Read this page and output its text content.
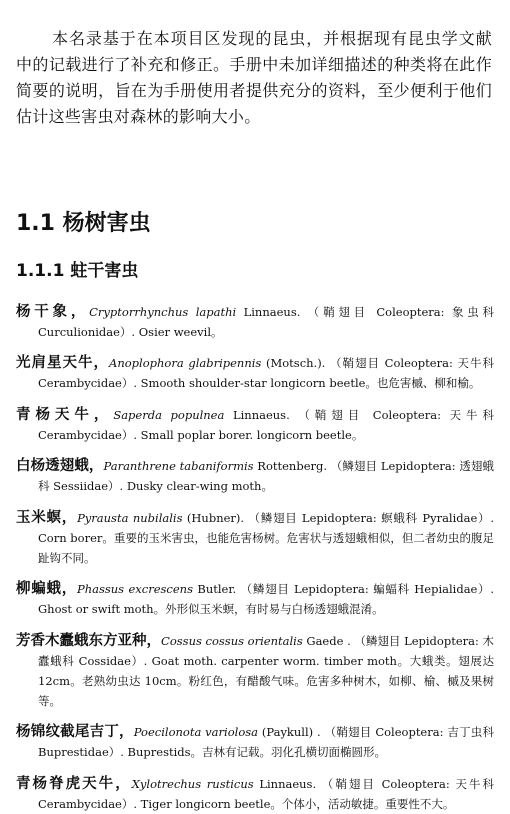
本名录基于在本项目区发现的昆虫，并根据现有昆虫学文献中的记载进行了补充和修正。手册中未加详细描述的种类将在此作简要的说明，旨在为手册使用者提供充分的资料，至少便利于他们估计这些害虫对森林的影响大小。

1.1 杨树害虫
1.1.1 蛀干害虫

杨干象，Cryptorrhynchus lapathi Linnaeus. （鞘翅目 Coleoptera: 象虫科 Curculionidae）. Osier weevil。

光肩星天牛，Anoplophora glabripennis (Motsch.). （鞘翅目 Coleoptera: 天牛科 Cerambycidae）. Smooth shoulder-star longicorn beetle。也危害槭、柳和榆。

青杨天牛，Saperda populnea Linnaeus. （鞘翅目 Coleoptera: 天牛科 Cerambycidae）. Small poplar borer. longicorn beetle。

白杨透翅蛾，Paranthrene tabaniformis Rottenberg. （鳞翅目 Lepidoptera: 透翅蛾科 Sessiidae）. Dusky clear-wing moth。

玉米螟，Pyrausta nubilalis (Hubner). （鳞翅目 Lepidoptera: 螟蛾科 Pyralidae）. Corn borer。重要的玉米害虫，也能危害杨树。危害状与透翅蛾相似，但二者幼虫的腹足趾钩不同。

柳蝙蛾，Phassus excrescens Butler. （鳞翅目 Lepidoptera: 蝙蝠科 Hepialidae）. Ghost or swift moth。外形似玉米螟，有时易与白杨透翅蛾混淆。

芳香木蠹蛾东方亚种，Cossus cossus orientalis Gaede . （鳞翅目 Lepidoptera: 木蠹蛾科 Cossidae）. Goat moth. carpenter worm. timber moth。大蛾类。翅展达 12cm。老熟幼虫达 10cm。粉红色，有醋酸气味。危害多种树木，如柳、榆、槭及果树等。

杨锦纹截尾吉丁，Poecilonota variolosa (Paykull) . （鞘翅目 Coleoptera: 吉丁虫科 Buprestidae）. Buprestids。吉林有记载。羽化孔横切面椭圆形。

青杨脊虎天牛，Xylotrechus rusticus Linnaeus. （鞘翅目 Coleoptera: 天牛科 Cerambycidae）. Tiger longicorn beetle。个体小，活动敏捷。重要性不大。
